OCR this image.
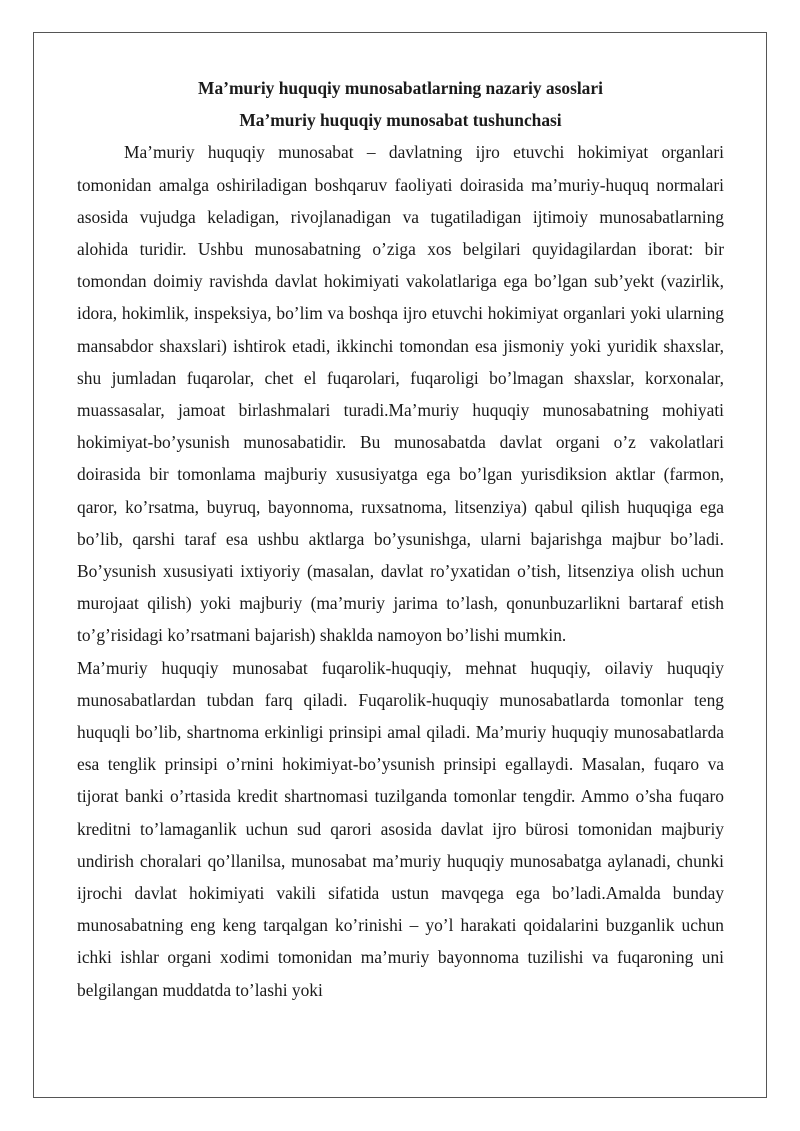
Ma’muriy huquqiy munosabatlarning nazariy asoslari

Ma’muriy huquqiy munosabat tushunchasi

Ma’muriy huquqiy munosabat – davlatning ijro etuvchi hokimiyat organlari tomonidan amalga oshiriladigan boshqaruv faoliyati doirasida ma’muriy-huquq normalari asosida vujudga keladigan, rivojlanadigan va tugatiladigan ijtimoiy munosabatlarning alohida turidir. Ushbu munosabatning o’ziga xos belgilari quyidagilardan iborat: bir tomondan doimiy ravishda davlat hokimiyati vakolatlariga ega bo’lgan sub’yekt (vazirlik, idora, hokimlik, inspeksiya, bo’lim va boshqa ijro etuvchi hokimiyat organlari yoki ularning mansabdor shaxslari) ishtirok etadi, ikkinchi tomondan esa jismoniy yoki yuridik shaxslar, shu jumladan fuqarolar, chet el fuqarolari, fuqaroligi bo’lmagan shaxslar, korxonalar, muassasalar, jamoat birlashmalari turadi.Ma’muriy huquqiy munosabatning mohiyati hokimiyat-bo’ysunish munosabatidir. Bu munosabatda davlat organi o’z vakolatlari doirasida bir tomonlama majburiy xususiyatga ega bo’lgan yurisdiksion aktlar (farmon, qaror, ko’rsatma, buyruq, bayonnoma, ruxsatnoma, litsenziya) qabul qilish huquqiga ega bo’lib, qarshi taraf esa ushbu aktlarga bo’ysunishga, ularni bajarishga majbur bo’ladi. Bo’ysunish xususiyati ixtiyoriy (masalan, davlat ro’yxatidan o’tish, litsenziya olish uchun murojaat qilish) yoki majburiy (ma’muriy jarima to’lash, qonunbuzarlikni bartaraf etish to’g’risidagi ko’rsatmani bajarish) shaklda namoyon bo’lishi mumkin.

Ma’muriy huquqiy munosabat fuqarolik-huquqiy, mehnat huquqiy, oilaviy huquqiy munosabatlardan tubdan farq qiladi. Fuqarolik-huquqiy munosabatlarda tomonlar teng huquqli bo’lib, shartnoma erkinligi prinsipi amal qiladi. Ma’muriy huquqiy munosabatlarda esa tenglik prinsipi o’rnini hokimiyat-bo’ysunish prinsipi egallaydi. Masalan, fuqaro va tijorat banki o’rtasida kredit shartnomasi tuzilganda tomonlar tengdir. Ammo o’sha fuqaro kreditni to’lamaganlik uchun sud qarori asosida davlat ijro bürosi tomonidan majburiy undirish choralari qo’llanilsa, munosabat ma’muriy huquqiy munosabatga aylanadi, chunki ijrochi davlat hokimiyati vakili sifatida ustun mavqega ega bo’ladi.Amalda bunday munosabatning eng keng tarqalgan ko’rinishi – yo’l harakati qoidalarini buzganlik uchun ichki ishlar organi xodimi tomonidan ma’muriy bayonnoma tuzilishi va fuqaroning uni belgilangan muddatda to’lashi yoki
